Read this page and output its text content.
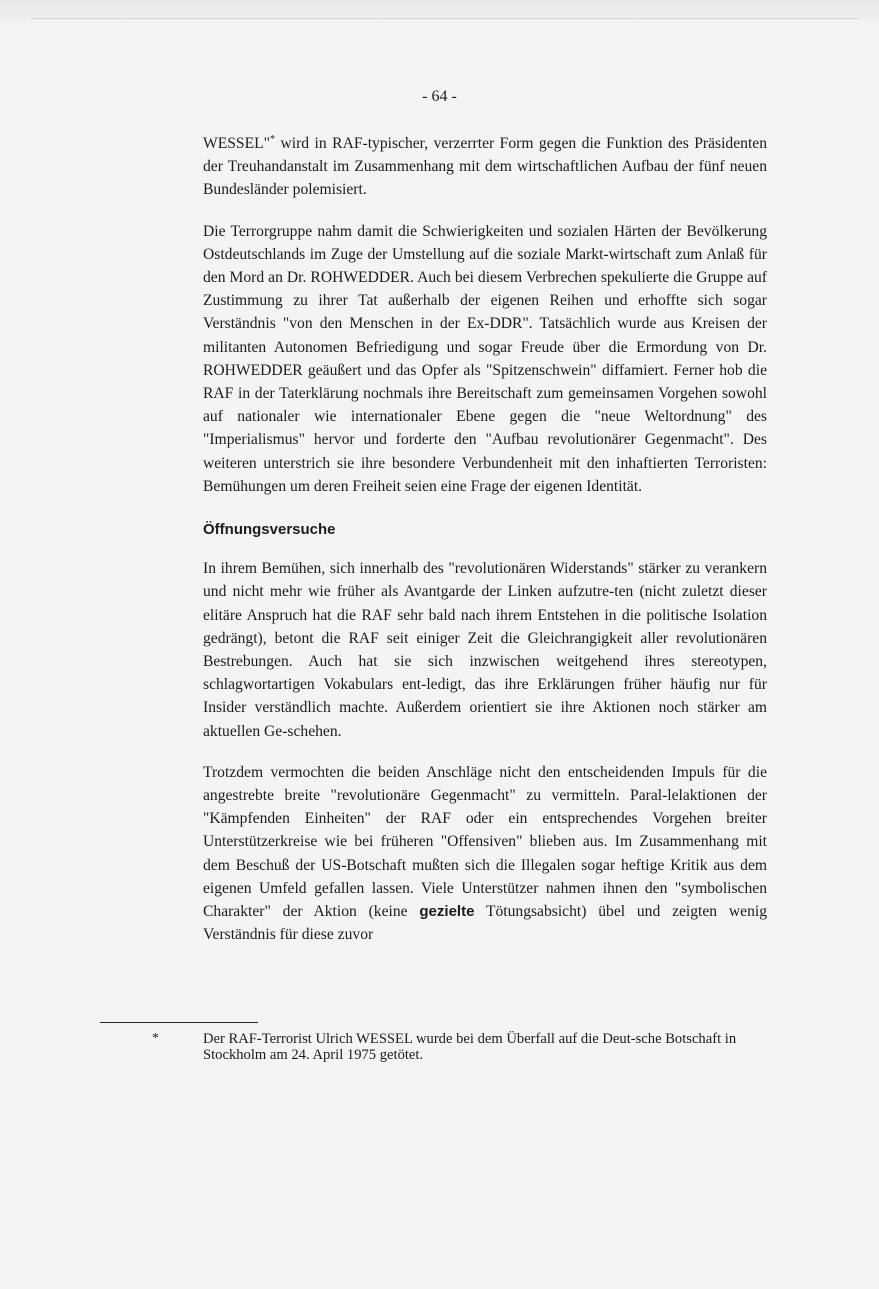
- 64 -

WESSEL"* wird in RAF-typischer, verzerrter Form gegen die Funktion des Präsidenten der Treuhandanstalt im Zusammenhang mit dem wirtschaftlichen Aufbau der fünf neuen Bundesländer polemisiert.

Die Terrorgruppe nahm damit die Schwierigkeiten und sozialen Härten der Bevölkerung Ostdeutschlands im Zuge der Umstellung auf die soziale Markt-wirtschaft zum Anlaß für den Mord an Dr. ROHWEDDER. Auch bei diesem Verbrechen spekulierte die Gruppe auf Zustimmung zu ihrer Tat außerhalb der eigenen Reihen und erhoffte sich sogar Verständnis "von den Menschen in der Ex-DDR". Tatsächlich wurde aus Kreisen der militanten Autonomen Befriedigung und sogar Freude über die Ermordung von Dr. ROHWEDDER geäußert und das Opfer als "Spitzenschwein" diffamiert. Ferner hob die RAF in der Taterklärung nochmals ihre Bereitschaft zum gemeinsamen Vorgehen sowohl auf nationaler wie internationaler Ebene gegen die "neue Weltordnung" des "Imperialismus" hervor und forderte den "Aufbau revolutionärer Gegenmacht". Des weiteren unterstrich sie ihre besondere Verbundenheit mit den inhaftierten Terroristen: Bemühungen um deren Freiheit seien eine Frage der eigenen Identität.

Öffnungsversuche

In ihrem Bemühen, sich innerhalb des "revolutionären Widerstands" stärker zu verankern und nicht mehr wie früher als Avantgarde der Linken aufzutre-ten (nicht zuletzt dieser elitäre Anspruch hat die RAF sehr bald nach ihrem Entstehen in die politische Isolation gedrängt), betont die RAF seit einiger Zeit die Gleichrangigkeit aller revolutionären Bestrebungen. Auch hat sie sich inzwischen weitgehend ihres stereotypen, schlagwortartigen Vokabulars ent-ledigt, das ihre Erklärungen früher häufig nur für Insider verständlich machte. Außerdem orientiert sie ihre Aktionen noch stärker am aktuellen Ge-schehen.

Trotzdem vermochten die beiden Anschläge nicht den entscheidenden Impuls für die angestrebte breite "revolutionäre Gegenmacht" zu vermitteln. Paral-lelaktionen der "Kämpfenden Einheiten" der RAF oder ein entsprechendes Vorgehen breiter Unterstützerkreise wie bei früheren "Offensiven" blieben aus. Im Zusammenhang mit dem Beschuß der US-Botschaft mußten sich die Illegalen sogar heftige Kritik aus dem eigenen Umfeld gefallen lassen. Viele Unterstützer nahmen ihnen den "symbolischen Charakter" der Aktion (keine gezielte Tötungsabsicht) übel und zeigten wenig Verständnis für diese zuvor

*	Der RAF-Terrorist Ulrich WESSEL wurde bei dem Überfall auf die Deut-sche Botschaft in Stockholm am 24. April 1975 getötet.
